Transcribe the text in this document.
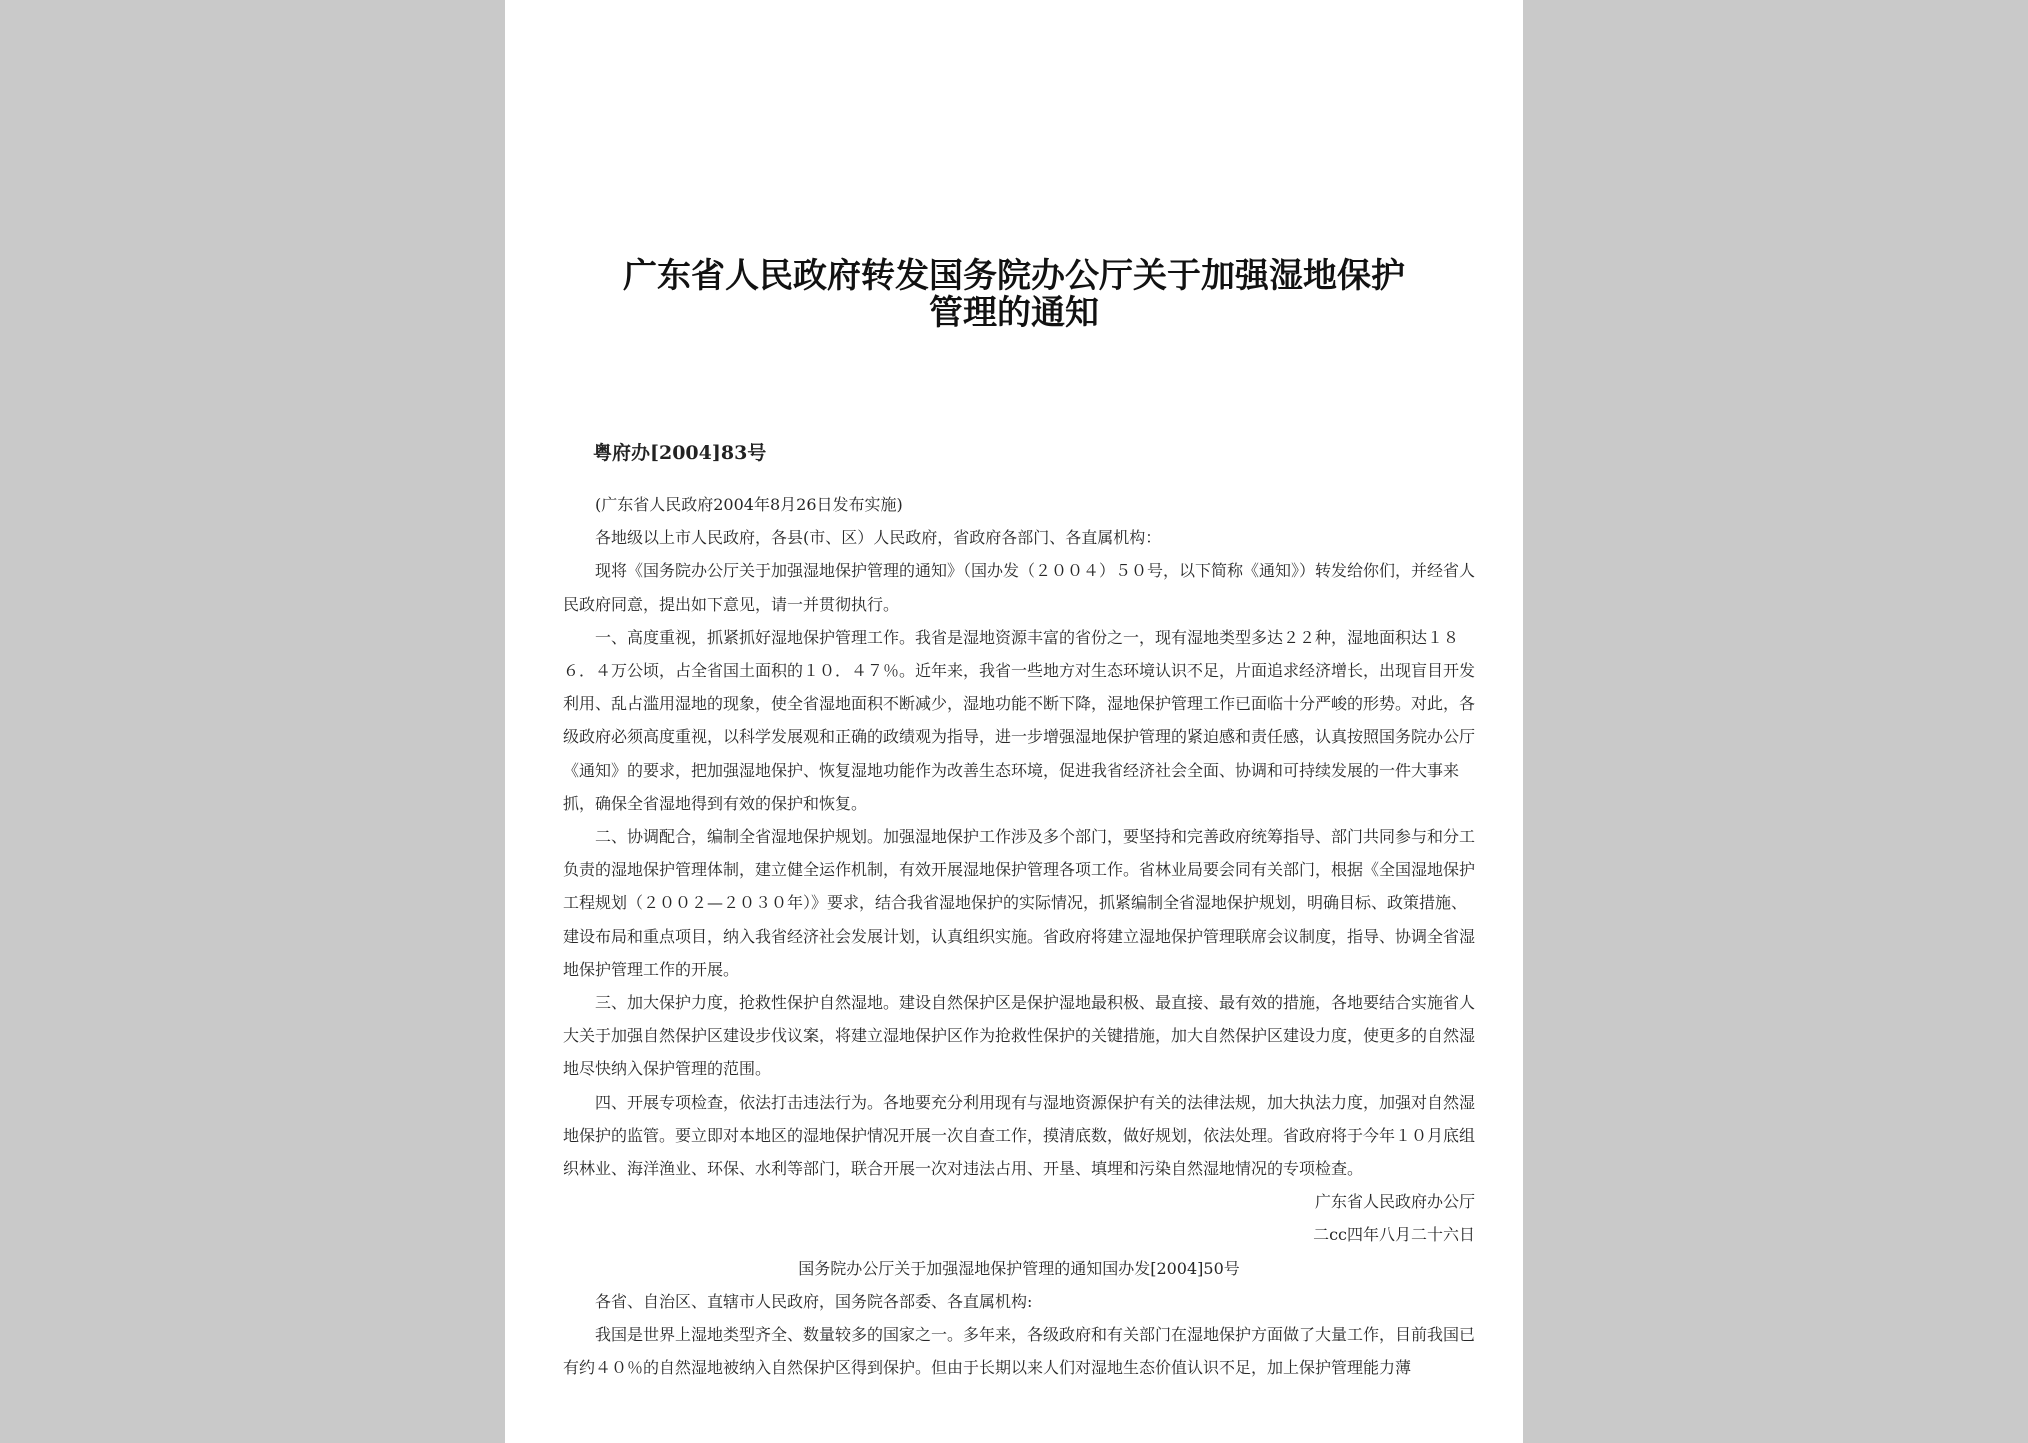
广东省人民政府转发国务院办公厅关于加强湿地保护
管理的通知
粤府办[2004]83号

(广东省人民政府2004年8月26日发布实施)

各地级以上市人民政府，各县(市、区）人民政府，省政府各部门、各直属机构：

现将《国务院办公厅关于加强湿地保护管理的通知》（国办发（２００４）５０号，以下简称《通知》）转发给你们，并经省人民政府同意，提出如下意见，请一并贯彻执行。

一、高度重视，抓紧抓好湿地保护管理工作。我省是湿地资源丰富的省份之一，现有湿地类型多达２２种，湿地面积达１８６．４万公顷，占全省国土面积的１０．４７％。近年来，我省一些地方对生态环境认识不足，片面追求经济增长，出现盲目开发利用、乱占滥用湿地的现象，使全省湿地面积不断减少，湿地功能不断下降，湿地保护管理工作已面临十分严峻的形势。对此，各级政府必须高度重视，以科学发展观和正确的政绩观为指导，进一步增强湿地保护管理的紧迫感和责任感，认真按照国务院办公厅《通知》的要求，把加强湿地保护、恢复湿地功能作为改善生态环境，促进我省经济社会全面、协调和可持续发展的一件大事来抓，确保全省湿地得到有效的保护和恢复。

二、协调配合，编制全省湿地保护规划。加强湿地保护工作涉及多个部门，要坚持和完善政府统筹指导、部门共同参与和分工负责的湿地保护管理体制，建立健全运作机制，有效开展湿地保护管理各项工作。省林业局要会同有关部门，根据《全国湿地保护工程规划（２００２—２０３０年）》要求，结合我省湿地保护的实际情况，抓紧编制全省湿地保护规划，明确目标、政策措施、建设布局和重点项目，纳入我省经济社会发展计划，认真组织实施。省政府将建立湿地保护管理联席会议制度，指导、协调全省湿地保护管理工作的开展。

三、加大保护力度，抢救性保护自然湿地。建设自然保护区是保护湿地最积极、最直接、最有效的措施，各地要结合实施省人大关于加强自然保护区建设步伐议案，将建立湿地保护区作为抢救性保护的关键措施，加大自然保护区建设力度，使更多的自然湿地尽快纳入保护管理的范围。

四、开展专项检查，依法打击违法行为。各地要充分利用现有与湿地资源保护有关的法律法规，加大执法力度，加强对自然湿地保护的监管。要立即对本地区的湿地保护情况开展一次自查工作，摸清底数，做好规划，依法处理。省政府将于今年１０月底组织林业、海洋渔业、环保、水利等部门，联合开展一次对违法占用、开垦、填埋和污染自然湿地情况的专项检查。

广东省人民政府办公厅

二cc四年八月二十六日

国务院办公厅关于加强湿地保护管理的通知国办发[2004]50号

各省、自治区、直辖市人民政府，国务院各部委、各直属机构:

我国是世界上湿地类型齐全、数量较多的国家之一。多年来，各级政府和有关部门在湿地保护方面做了大量工作，目前我国已有约４０％的自然湿地被纳入自然保护区得到保护。但由于长期以来人们对湿地生态价值认识不足，加上保护管理能力薄
